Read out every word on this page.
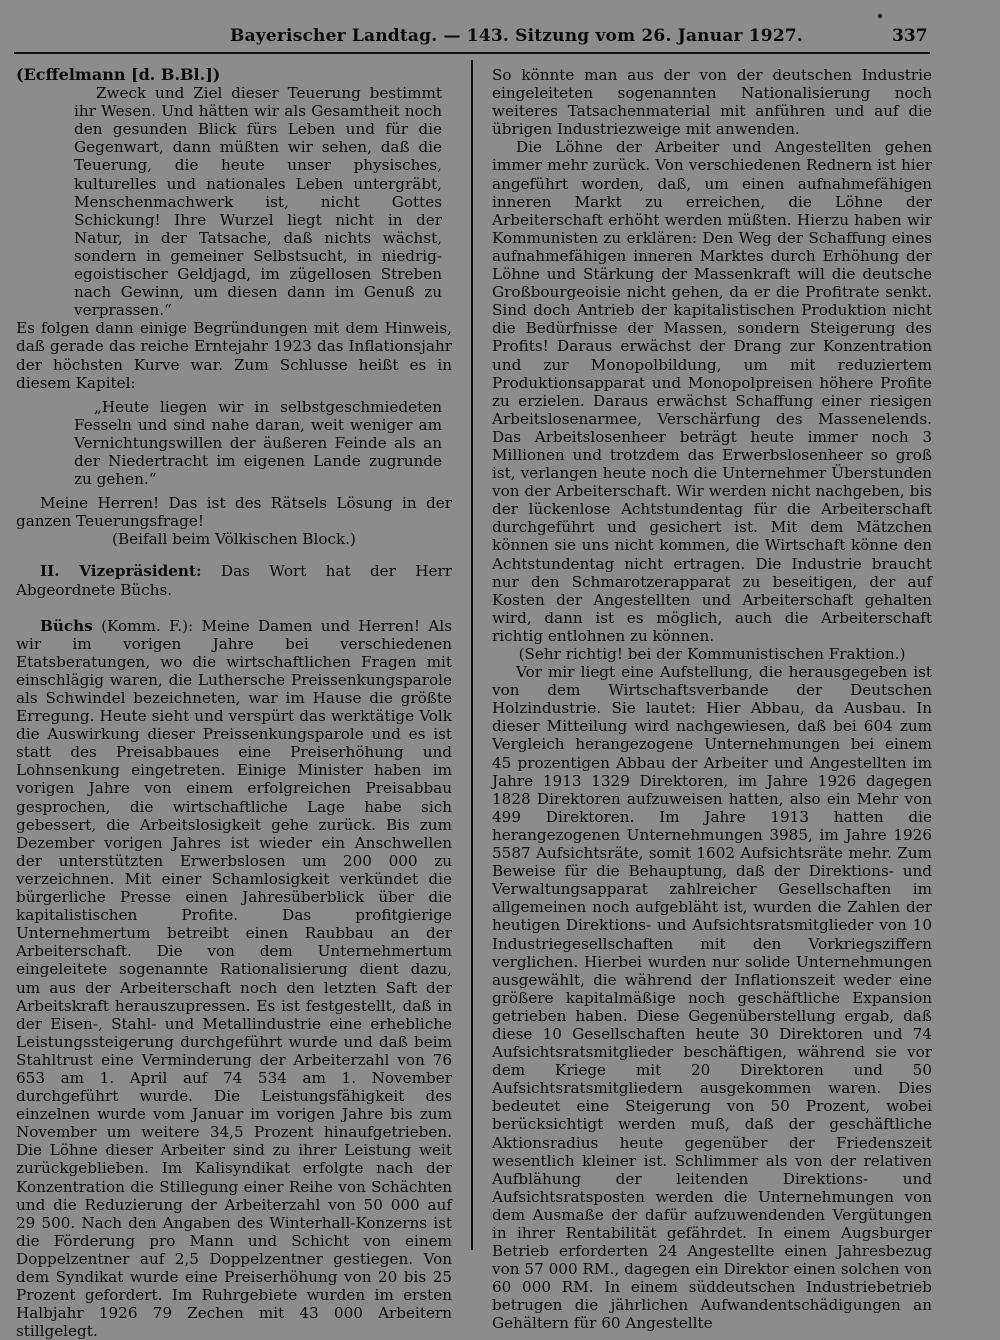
Bayerischer Landtag. — 143. Sitzung vom 26. Januar 1927.	337

(Ecffelmann [d. B.Bl.])

Zweck und Ziel dieser Teuerung bestimmt ihr Wesen. Und hätten wir als Gesamtheit noch den gesunden Blick fürs Leben und für die Gegenwart, dann müßten wir sehen, daß die Teuerung, die heute unser physisches, kulturelles und nationales Leben untergräbt, Menschenmachwerk ist, nicht Gottes Schickung! Ihre Wurzel liegt nicht in der Natur, in der Tatsache, daß nichts wächst, sondern in gemeiner Selbstsucht, in niedrig-egoistischer Geldjagd, im zügellosen Streben nach Gewinn, um diesen dann im Genuß zu verprassen.“

Es folgen dann einige Begründungen mit dem Hinweis, daß gerade das reiche Erntejahr 1923 das Inflationsjahr der höchsten Kurve war. Zum Schlusse heißt es in diesem Kapitel:

„Heute liegen wir in selbstgeschmiedeten Fesseln und sind nahe daran, weit weniger am Vernichtungswillen der äußeren Feinde als an der Niedertracht im eigenen Lande zugrunde zu gehen.“

Meine Herren! Das ist des Rätsels Lösung in der ganzen Teuerungsfrage!

(Beifall beim Völkischen Block.)

II. Vizepräsident: Das Wort hat der Herr Abgeordnete Büchs.

Büchs (Komm. F.): Meine Damen und Herren! Als wir im vorigen Jahre bei verschiedenen Etatsberatungen, wo die wirtschaftlichen Fragen mit einschlägig waren, die Luthersche Preissenkungsparole als Schwindel bezeichneten, war im Hause die größte Erregung. Heute sieht und verspürt das werktätige Volk die Auswirkung dieser Preissenkungsparole und es ist statt des Preisabbaues eine Preiserhöhung und Lohnsenkung eingetreten. Einige Minister haben im vorigen Jahre von einem erfolgreichen Preisabbau gesprochen, die wirtschaftliche Lage habe sich gebessert, die Arbeitslosigkeit gehe zurück. Bis zum Dezember vorigen Jahres ist wieder ein Anschwellen der unterstützten Erwerbslosen um 200 000 zu verzeichnen. Mit einer Schamlosigkeit verkündet die bürgerliche Presse einen Jahresüberblick über die kapitalistischen Profite. Das profitgierige Unternehmertum betreibt einen Raubbau an der Arbeiterschaft. Die von dem Unternehmertum eingeleitete sogenannte Rationalisierung dient dazu, um aus der Arbeiterschaft noch den letzten Saft der Arbeitskraft herauszupressen. Es ist festgestellt, daß in der Eisen-, Stahl- und Metallindustrie eine erhebliche Leistungssteigerung durchgeführt wurde und daß beim Stahltrust eine Verminderung der Arbeiterzahl von 76 653 am 1. April auf 74 534 am 1. November durchgeführt wurde. Die Leistungsfähigkeit des einzelnen wurde vom Januar im vorigen Jahre bis zum November um weitere 34,5 Prozent hinaufgetrieben. Die Löhne dieser Arbeiter sind zu ihrer Leistung weit zurückgeblieben. Im Kalisyndikat erfolgte nach der Konzentration die Stillegung einer Reihe von Schächten und die Reduzierung der Arbeiterzahl von 50 000 auf 29 500. Nach den Angaben des Winterhall-Konzerns ist die Förderung pro Mann und Schicht von einem Doppelzentner auf 2,5 Doppelzentner gestiegen. Von dem Syndikat wurde eine Preiserhöhung von 20 bis 25 Prozent gefordert. Im Ruhrgebiete wurden im ersten Halbjahr 1926 79 Zechen mit 43 000 Arbeitern stillgelegt.

So könnte man aus der von der deutschen Industrie eingeleiteten sogenannten Nationalisierung noch weiteres Tatsachenmaterial mit anführen und auf die übrigen Industriezweige mit anwenden.

Die Löhne der Arbeiter und Angestellten gehen immer mehr zurück. Von verschiedenen Rednern ist hier angeführt worden, daß, um einen aufnahmefähigen inneren Markt zu erreichen, die Löhne der Arbeiterschaft erhöht werden müßten. Hierzu haben wir Kommunisten zu erklären: Den Weg der Schaffung eines aufnahmefähigen inneren Marktes durch Erhöhung der Löhne und Stärkung der Massenkraft will die deutsche Großbourgeoisie nicht gehen, da er die Profitrate senkt. Sind doch Antrieb der kapitalistischen Produktion nicht die Bedürfnisse der Massen, sondern Steigerung des Profits! Daraus erwächst der Drang zur Konzentration und zur Monopolbildung, um mit reduziertem Produktionsapparat und Monopolpreisen höhere Profite zu erzielen. Daraus erwächst Schaffung einer riesigen Arbeitslosenarmee, Verschärfung des Massenelends. Das Arbeitslosenheer beträgt heute immer noch 3 Millionen und trotzdem das Erwerbslosenheer so groß ist, verlangen heute noch die Unternehmer Überstunden von der Arbeiterschaft. Wir werden nicht nachgeben, bis der lückenlose Achtstundentag für die Arbeiterschaft durchgeführt und gesichert ist. Mit dem Mätzchen können sie uns nicht kommen, die Wirtschaft könne den Achtstundentag nicht ertragen. Die Industrie braucht nur den Schmarotzerapparat zu beseitigen, der auf Kosten der Angestellten und Arbeiterschaft gehalten wird, dann ist es möglich, auch die Arbeiterschaft richtig entlohnen zu können.

(Sehr richtig! bei der Kommunistischen Fraktion.)

Vor mir liegt eine Aufstellung, die herausgegeben ist von dem Wirtschaftsverbande der Deutschen Holzindustrie. Sie lautet: Hier Abbau, da Ausbau. In dieser Mitteilung wird nachgewiesen, daß bei 604 zum Vergleich herangezogene Unternehmungen bei einem 45 prozentigen Abbau der Arbeiter und Angestellten im Jahre 1913 1329 Direktoren, im Jahre 1926 dagegen 1828 Direktoren aufzuweisen hatten, also ein Mehr von 499 Direktoren. Im Jahre 1913 hatten die herangezogenen Unternehmungen 3985, im Jahre 1926 5587 Aufsichtsräte, somit 1602 Aufsichtsräte mehr. Zum Beweise für die Behauptung, daß der Direktions- und Verwaltungsapparat zahlreicher Gesellschaften im allgemeinen noch aufgebläht ist, wurden die Zahlen der heutigen Direktions- und Aufsichtsratsmitglieder von 10 Industriegesellschaften mit den Vorkriegsziffern verglichen. Hierbei wurden nur solide Unternehmungen ausgewählt, die während der Inflationszeit weder eine größere kapitalmäßige noch geschäftliche Expansion getrieben haben. Diese Gegenüberstellung ergab, daß diese 10 Gesellschaften heute 30 Direktoren und 74 Aufsichtsratsmitglieder beschäftigen, während sie vor dem Kriege mit 20 Direktoren und 50 Aufsichtsratsmitgliedern ausgekommen waren. Dies bedeutet eine Steigerung von 50 Prozent, wobei berücksichtigt werden muß, daß der geschäftliche Aktionsradius heute gegenüber der Friedenszeit wesentlich kleiner ist. Schlimmer als von der relativen Aufblähung der leitenden Direktions- und Aufsichtsratsposten werden die Unternehmungen von dem Ausmaße der dafür aufzuwendenden Vergütungen in ihrer Rentabilität gefährdet. In einem Augsburger Betrieb erforderten 24 Angestellte einen Jahresbezug von 57 000 RM., dagegen ein Direktor einen solchen von 60 000 RM. In einem süddeutschen Industriebetrieb betrugen die jährlichen Aufwandentschädigungen an Gehältern für 60 Angestellte
